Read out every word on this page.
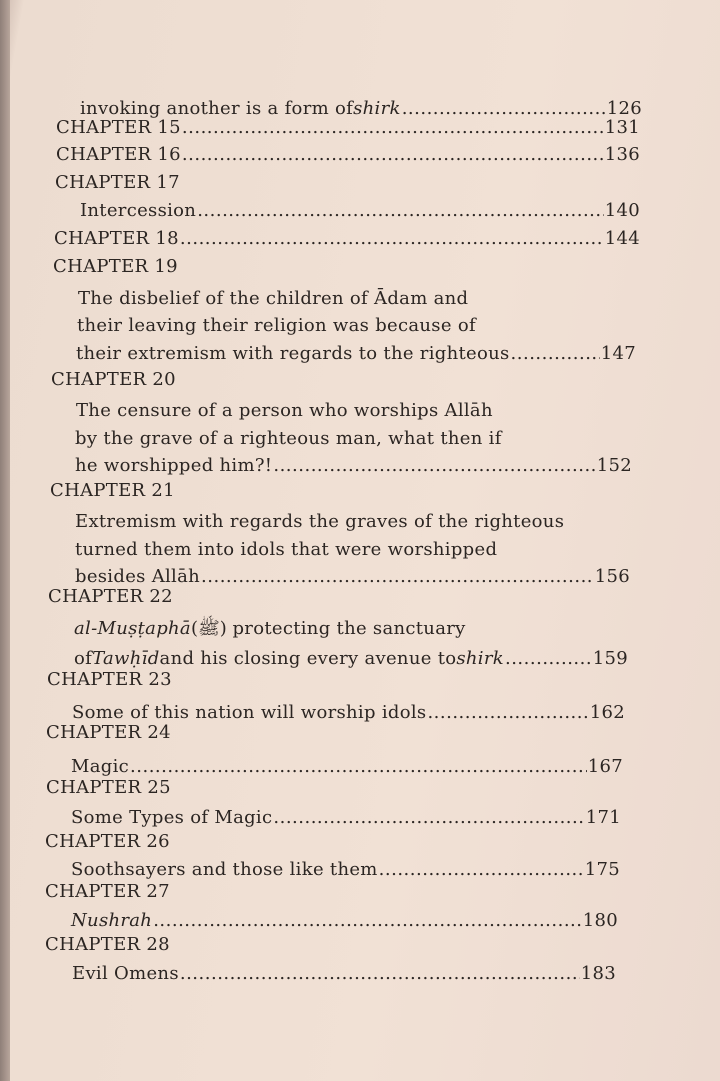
invoking another is a form of shirk .....	126
CHAPTER 15 .....	131
CHAPTER 16 .....	136
CHAPTER 17
Intercession .....	140
CHAPTER 18 .....	144
CHAPTER 19
The disbelief of the children of Ādam and
their leaving their religion was because of
their extremism with regards to the righteous .....	147
CHAPTER 20
The censure of a person who worships Allāh
by the grave of a righteous man, what then if
he worshipped him?! .....	152
CHAPTER 21
Extremism with regards the graves of the righteous
turned them into idols that were worshipped
besides Allāh .....	156
CHAPTER 22
al-Muṣṭaphā (ﷺ) protecting the sanctuary
of Tawḥīd and his closing every avenue to shirk .....	159
CHAPTER 23
Some of this nation will worship idols .....	162
CHAPTER 24
Magic .....	167
CHAPTER 25
Some Types of Magic .....	171
CHAPTER 26
Soothsayers and those like them .....	175
CHAPTER 27
Nushrah .....	180
CHAPTER 28
Evil Omens .....	183
